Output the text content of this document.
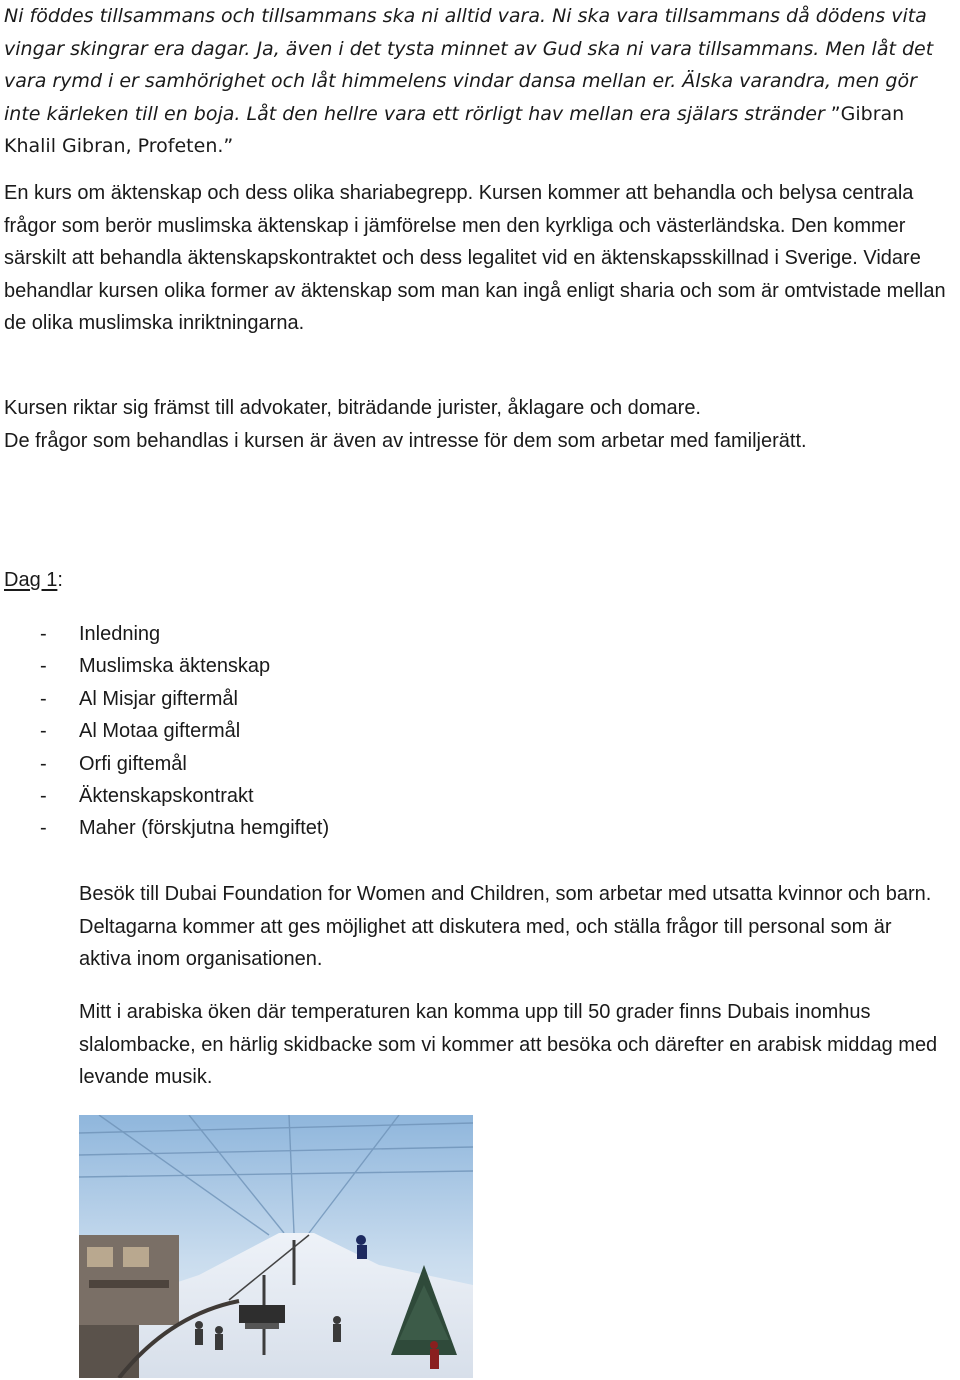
Ni föddes tillsammans och tillsammans ska ni alltid vara. Ni ska vara tillsammans då dödens vita vingar skingrar era dagar. Ja, även i det tysta minnet av Gud ska ni vara tillsammans. Men låt det vara rymd i er samhörighet och låt himmelens vindar dansa mellan er. Älska varandra, men gör inte kärleken till en boja. Låt den hellre vara ett rörligt hav mellan era själars stränder ”Gibran Khalil Gibran, Profeten.”

En kurs om äktenskap och dess olika shariabegrepp. Kursen kommer att behandla och belysa centrala frågor som berör muslimska äktenskap i jämförelse men den kyrkliga och västerländska. Den kommer särskilt att behandla äktenskapskontraktet och dess legalitet vid en äktenskapsskillnad i Sverige. Vidare behandlar kursen olika former av äktenskap som man kan ingå enligt sharia och som är omtvistade mellan de olika muslimska inriktningarna.

Kursen riktar sig främst till advokater, biträdande jurister, åklagare och domare.
De frågor som behandlas i kursen är även av intresse för dem som arbetar med familjerätt.

Dag 1:
- Inledning
- Muslimska äktenskap
- Al Misjar giftermål
- Al Motaa giftermål
- Orfi giftemål
- Äktenskapskontrakt
- Maher (förskjutna hemgiftet)

Besök till Dubai Foundation for Women and Children, som arbetar med utsatta kvinnor och barn. Deltagarna kommer att ges möjlighet att diskutera med, och ställa frågor till personal som är aktiva inom organisationen.

Mitt i arabiska öken där temperaturen kan komma upp till 50 grader finns Dubais inomhus slalombacke, en härlig skidbacke som vi kommer att besöka och därefter en arabisk middag med levande musik.
